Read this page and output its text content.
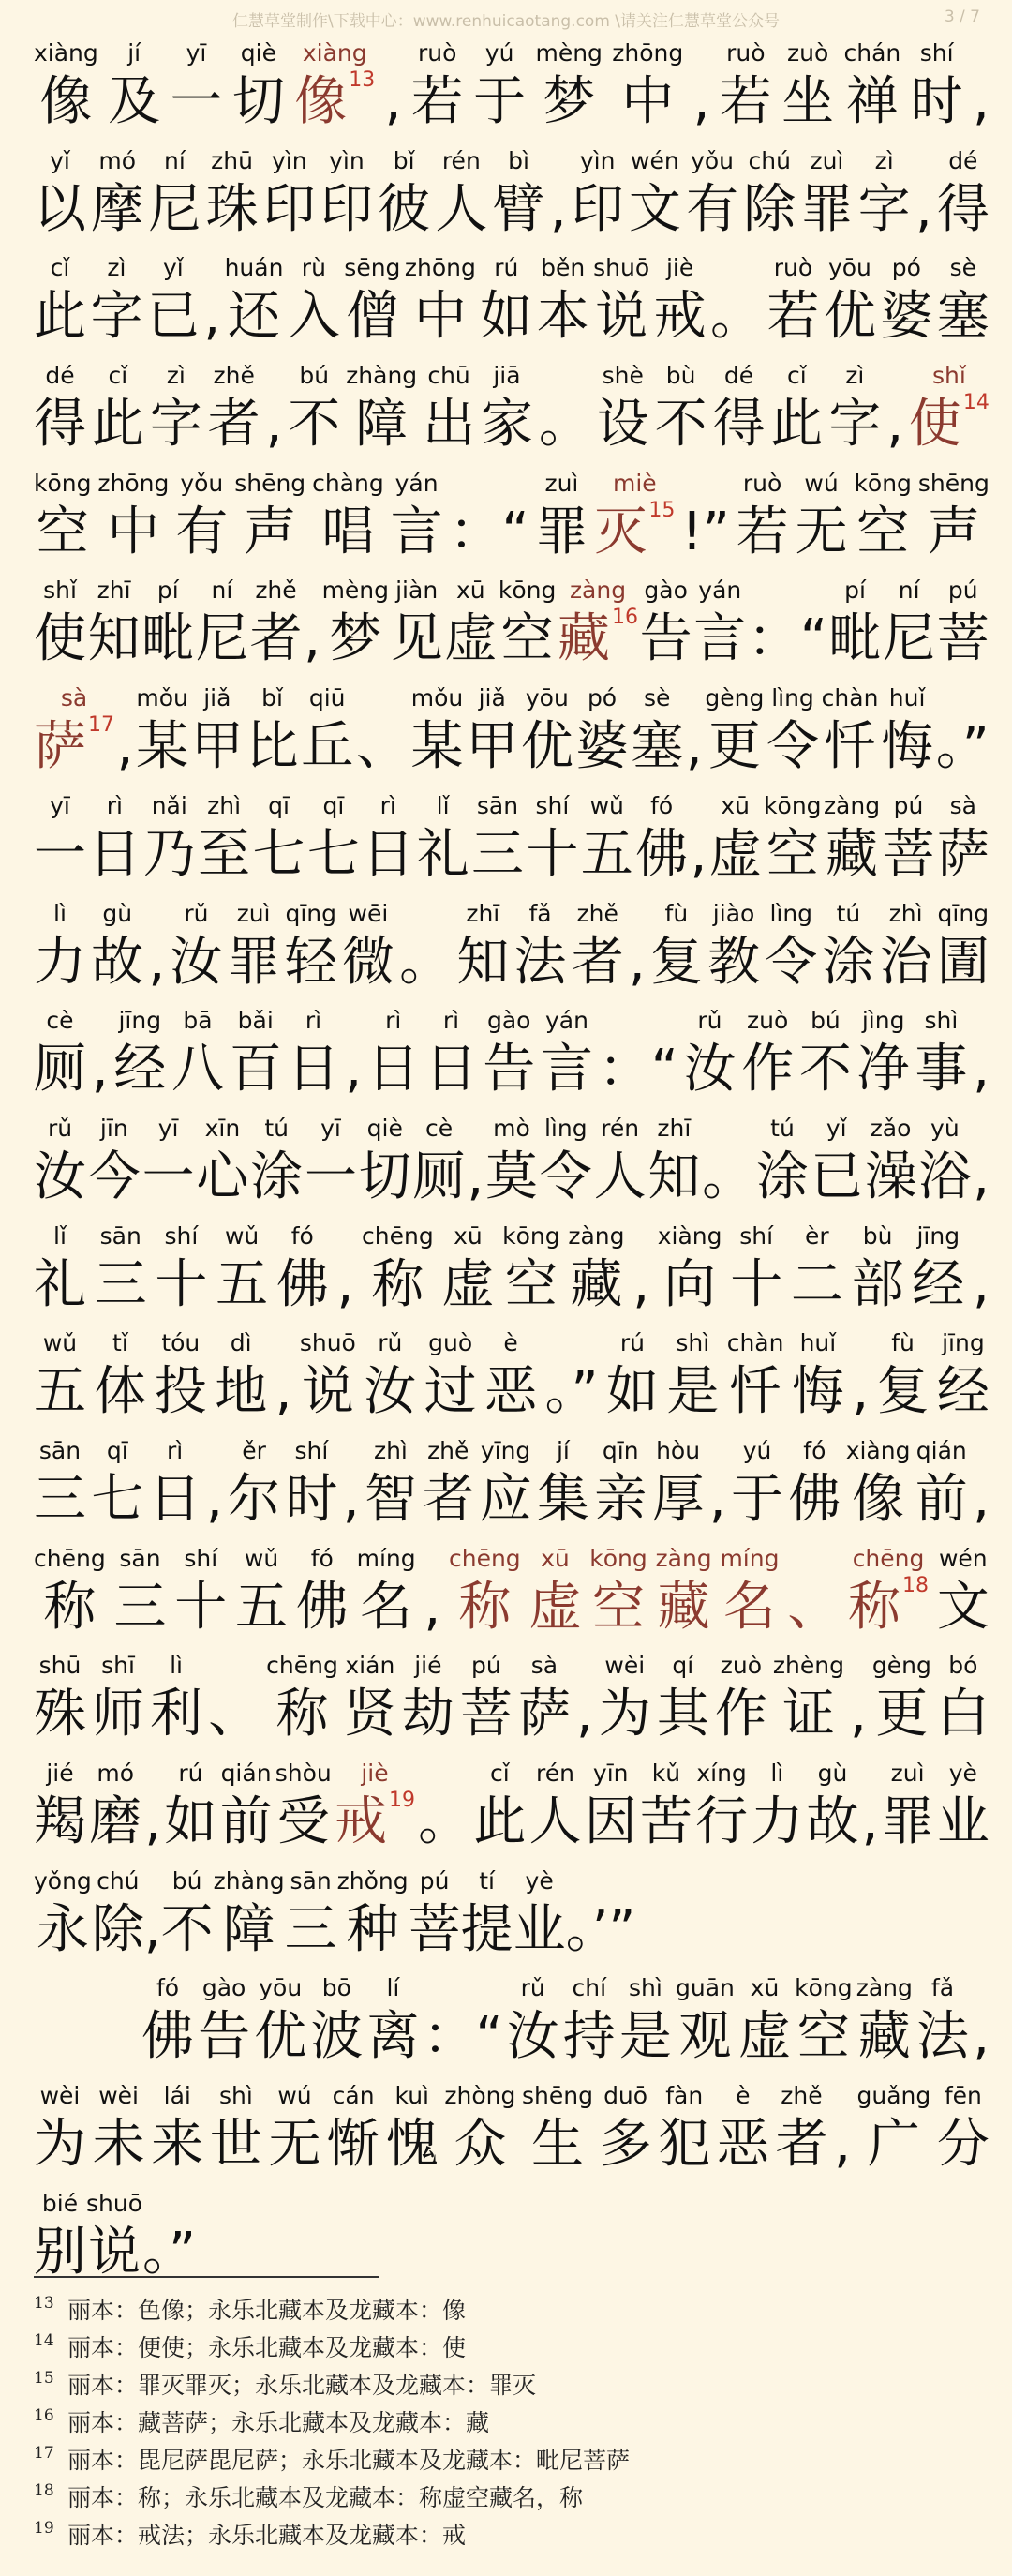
仁慧草堂制作\下载中心：www.renhuicaotang.com \请关注仁慧草堂公众号	3 / 7
xiàng
像
jí
及
yī
一
qiè
切
xiàng
像$^{13}$ ,
ruò
若
yú
于
mèng
梦
zhōng
中 ,
ruò
若
zuò
坐
chán
禅
shí
时 ,
yǐ
以
mó
摩
ní
尼
zhū
珠
yìn
印
yìn
印
bǐ
彼
rén
人
bì
臂 ,
yìn
印
wén
文
yǒu
有
chú
除
zuì
罪
zì
字 ,
dé
得
cǐ
此
zì
字
yǐ
已 ,
huán
还
rù
入
sēng
僧
zhōng
中
rú
如
běn
本
shuō
说
jiè
戒 。
ruò
若
yōu
优
pó
婆
sè
塞
dé
得
cǐ
此
zì
字
zhě
者 ,
bú
不
zhàng
障
chū
出
jiā
家 。
shè
设
bù
不
dé
得
cǐ
此
zì
字 ,
shǐ
使$^{14}$
kōng
空
zhōng
中
yǒu
有
shēng
声
chàng
唱
yán
言 ：“
zuì
罪
miè
灭$^{15}$ !”
ruò
若
wú
无
kōng
空
shēng
声
shǐ
使
zhī
知
pí
毗
ní
尼
zhě
者 ,
mèng
梦
jiàn
见
xū
虚
kōng
空
zàng
藏$^{16}$
gào
告
yán
言 ：“
pí
毗
ní
尼
pú
菩
sà
萨$^{17}$ ,
mǒu
某
jiǎ
甲
bǐ
比
qiū
丘 、
mǒu
某
jiǎ
甲
yōu
优
pó
婆
sè
塞 ,
gèng
更
lìng
令
chàn
忏
huǐ
悔 。”
yī
一
rì
日
nǎi
乃
zhì
至
qī
七
qī
七
rì
日
lǐ
礼
sān
三
shí
十
wǔ
五
fó
佛 ,
xū
虚
kōng
空
zàng
藏
pú
菩
sà
萨
lì
力
gù
故 ,
rǔ
汝
zuì
罪
qīng
轻
wēi
微 。
zhī
知
fǎ
法
zhě
者 ,
fù
复
jiào
教
lìng
令
tú
涂
zhì
治
qīng
圊
cè
厕 ,
jīng
经
bā
八
bǎi
百
rì
日 ,
rì
日
rì
日
gào
告
yán
言 ：“
rǔ
汝
zuò
作
bú
不
jìng
净
shì
事 ,
rǔ
汝
jīn
今
yī
一
xīn
心
tú
涂
yī
一
qiè
切
cè
厕 ,
mò
莫
lìng
令
rén
人
zhī
知 。
tú
涂
yǐ
已
zǎo
澡
yù
浴 ,
lǐ
礼
sān
三
shí
十
wǔ
五
fó
佛 ,
chēng
称
xū
虚
kōng
空
zàng
藏 ,
xiàng
向
shí
十
èr
二
bù
部
jīng
经 ,
wǔ
五
tǐ
体
tóu
投
dì
地 ,
shuō
说
rǔ
汝
guò
过
è
恶 。”
rú
如
shì
是
chàn
忏
huǐ
悔 ,
fù
复
jīng
经
sān
三
qī
七
rì
日 ,
ěr
尔
shí
时 ,
zhì
智
zhě
者
yīng
应
jí
集
qīn
亲
hòu
厚 ,
yú
于
fó
佛
xiàng
像
qián
前 ,
chēng
称
sān
三
shí
十
wǔ
五
fó
佛
míng
名 ,
chēng
称
xū
虚
kōng
空
zàng
藏
míng
名 、
chēng
称$^{18}$
wén
文
shū
殊
shī
师
lì
利 、
chēng
称
xián
贤
jié
劫
pú
菩
sà
萨 ,
wèi
为
qí
其
zuò
作
zhèng
证 ,
gèng
更
bó
白
jié
羯
mó
磨 ,
rú
如
qián
前
shòu
受
jiè
戒$^{19}$ 。
cǐ
此
rén
人
yīn
因
kǔ
苦
xíng
行
lì
力
gù
故 ,
zuì
罪
yè
业
yǒng
永
chú
除 ,
bú
不
zhàng
障
sān
三
zhǒng
种
pú
菩
tí
提
yè
业 。’”
fó
佛
gào
告
yōu
优
bō
波
lí
离 ：“
rǔ
汝
chí
持
shì
是
guān
观
xū
虚
kōng
空
zàng
藏
fǎ
法 ,
wèi
为
wèi
未
lái
来
shì
世
wú
无
cán
惭
kuì
愧
zhòng
众
shēng
生
duō
多
fàn
犯
è
恶
zhě
者 ,
guǎng
广
fēn
分
bié
别
shuō
说 。”
13 丽本：色像；永乐北藏本及龙藏本：像
14 丽本：便使；永乐北藏本及龙藏本：使
15 丽本：罪灭罪灭；永乐北藏本及龙藏本：罪灭
16 丽本：藏菩萨；永乐北藏本及龙藏本：藏
17 丽本：毘尼萨毘尼萨；永乐北藏本及龙藏本：毗尼菩萨
18 丽本：称；永乐北藏本及龙藏本：称虚空藏名，称
19 丽本：戒法；永乐北藏本及龙藏本：戒
